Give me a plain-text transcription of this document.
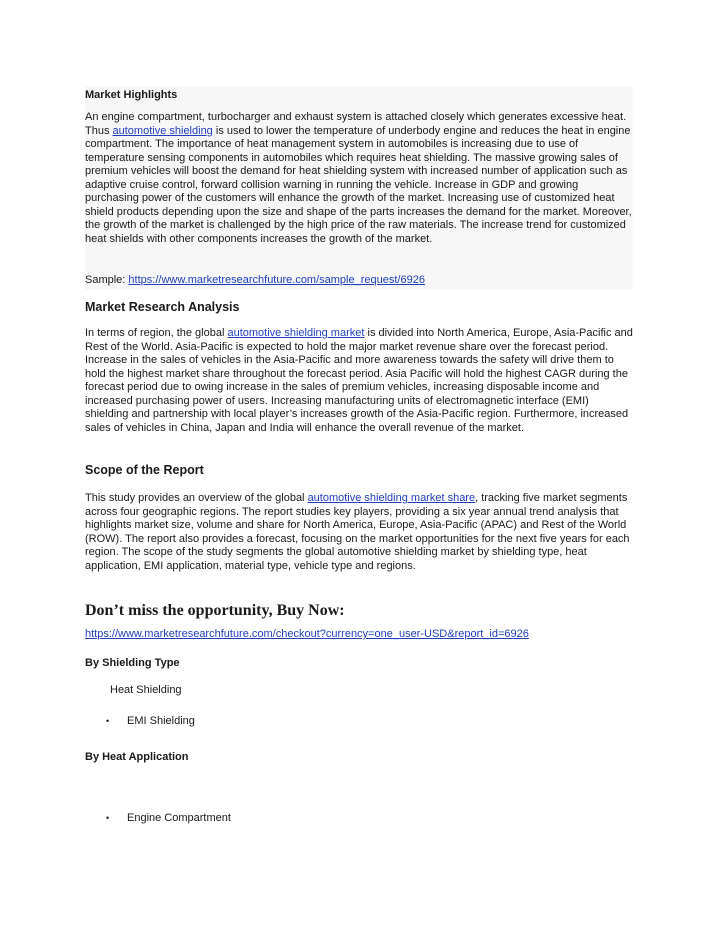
Market Highlights

An engine compartment, turbocharger and exhaust system is attached closely which generates excessive heat. Thus automotive shielding is used to lower the temperature of underbody engine and reduces the heat in engine compartment. The importance of heat management system in automobiles is increasing due to use of temperature sensing components in automobiles which requires heat shielding. The massive growing sales of premium vehicles will boost the demand for heat shielding system with increased number of application such as adaptive cruise control, forward collision warning in running the vehicle. Increase in GDP and growing purchasing power of the customers will enhance the growth of the market. Increasing use of customized heat shield products depending upon the size and shape of the parts increases the demand for the market. Moreover, the growth of the market is challenged by the high price of the raw materials. The increase trend for customized heat shields with other components increases the growth of the market.

Sample: https://www.marketresearchfuture.com/sample_request/6926
Market Research Analysis

In terms of region, the global automotive shielding market is divided into North America, Europe, Asia-Pacific and Rest of the World. Asia-Pacific is expected to hold the major market revenue share over the forecast period. Increase in the sales of vehicles in the Asia-Pacific and more awareness towards the safety will drive them to hold the highest market share throughout the forecast period. Asia Pacific will hold the highest CAGR during the forecast period due to owing increase in the sales of premium vehicles, increasing disposable income and increased purchasing power of users. Increasing manufacturing units of electromagnetic interface (EMI) shielding and partnership with local player’s increases growth of the Asia-Pacific region. Furthermore, increased sales of vehicles in China, Japan and India will enhance the overall revenue of the market.

Scope of the Report

This study provides an overview of the global automotive shielding market share, tracking five market segments across four geographic regions. The report studies key players, providing a six year annual trend analysis that highlights market size, volume and share for North America, Europe, Asia-Pacific (APAC) and Rest of the World (ROW). The report also provides a forecast, focusing on the market opportunities for the next five years for each region. The scope of the study segments the global automotive shielding market by shielding type, heat application, EMI application, material type, vehicle type and regions.

Don’t miss the opportunity, Buy Now:
https://www.marketresearchfuture.com/checkout?currency=one_user-USD&report_id=6926
By Shielding Type
Heat Shielding
• EMI Shielding
By Heat Application
• Engine Compartment
